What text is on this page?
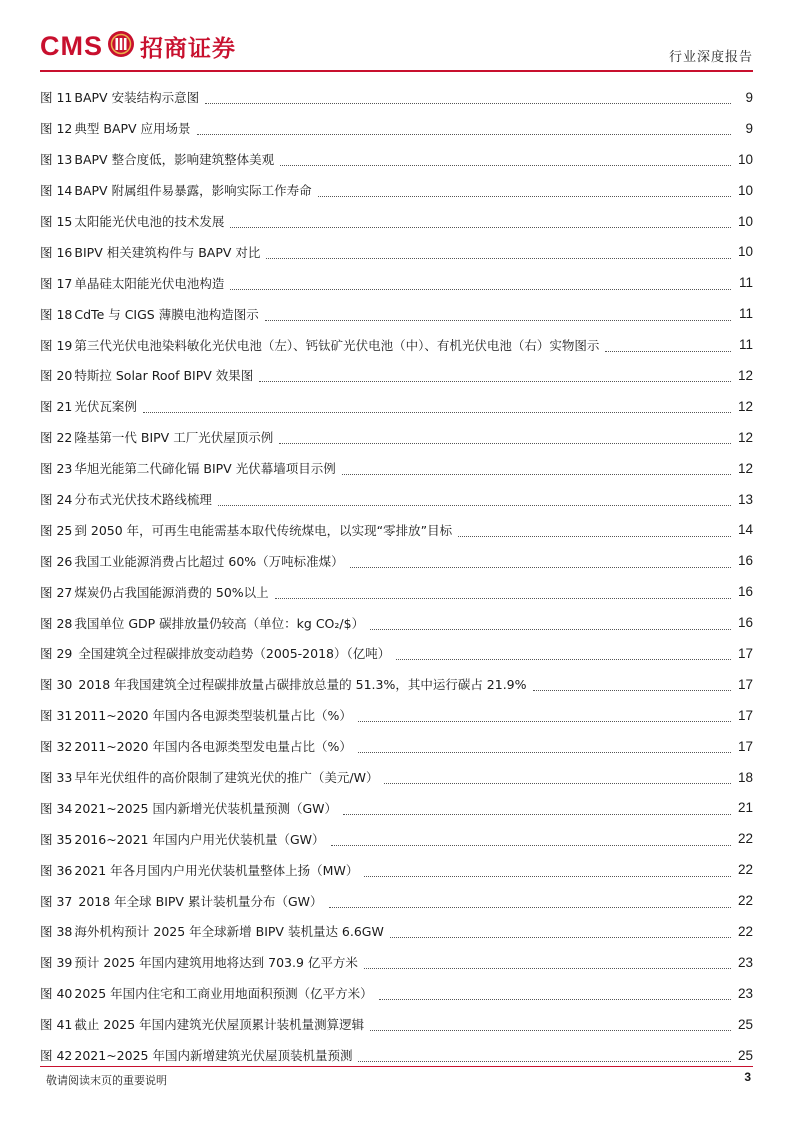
CMS 招商证券	行业深度报告
图 11 BAPV 安装结构示意图	9
图 12 典型 BAPV 应用场景	9
图 13 BAPV 整合度低，影响建筑整体美观	10
图 14 BAPV 附属组件易暴露，影响实际工作寿命	10
图 15 太阳能光伏电池的技术发展	10
图 16 BIPV 相关建筑构件与 BAPV 对比	10
图 17 单晶硅太阳能光伏电池构造	11
图 18 CdTe 与 CIGS 薄膜电池构造图示	11
图 19 第三代光伏电池染料敏化光伏电池（左）、钙钛矿光伏电池（中）、有机光伏电池（右）实物图示	11
图 20 特斯拉 Solar Roof BIPV 效果图	12
图 21 光伏瓦案例	12
图 22 隆基第一代 BIPV 工厂光伏屋顶示例	12
图 23 华旭光能第二代碲化镉 BIPV 光伏幕墙项目示例	12
图 24 分布式光伏技术路线梳理	13
图 25 到 2050 年，可再生电能需基本取代传统煤电，以实现“零排放”目标	14
图 26 我国工业能源消费占比超过 60%（万吨标准煤）	16
图 27 煤炭仍占我国能源消费的 50%以上	16
图 28 我国单位 GDP 碳排放量仍较高（单位：kg CO₂/$）	16
图 29 全国建筑全过程碳排放变动趋势（2005-2018）（亿吨）	17
图 30 2018 年我国建筑全过程碳排放量占碳排放总量的 51.3%，其中运行碳占 21.9%	17
图 31 2011~2020 年国内各电源类型装机量占比（%）	17
图 32 2011~2020 年国内各电源类型发电量占比（%）	17
图 33 早年光伏组件的高价限制了建筑光伏的推广（美元/W）	18
图 34 2021~2025 国内新增光伏装机量预测（GW）	21
图 35 2016~2021 年国内户用光伏装机量（GW）	22
图 36 2021 年各月国内户用光伏装机量整体上扬（MW）	22
图 37 2018 年全球 BIPV 累计装机量分布（GW）	22
图 38 海外机构预计 2025 年全球新增 BIPV 装机量达 6.6GW	22
图 39 预计 2025 年国内建筑用地将达到 703.9 亿平方米	23
图 40 2025 年国内住宅和工商业用地面积预测（亿平方米）	23
图 41 截止 2025 年国内建筑光伏屋顶累计装机量测算逻辑	25
图 42 2021~2025 年国内新增建筑光伏屋顶装机量预测	25
敬请阅读末页的重要说明	3
